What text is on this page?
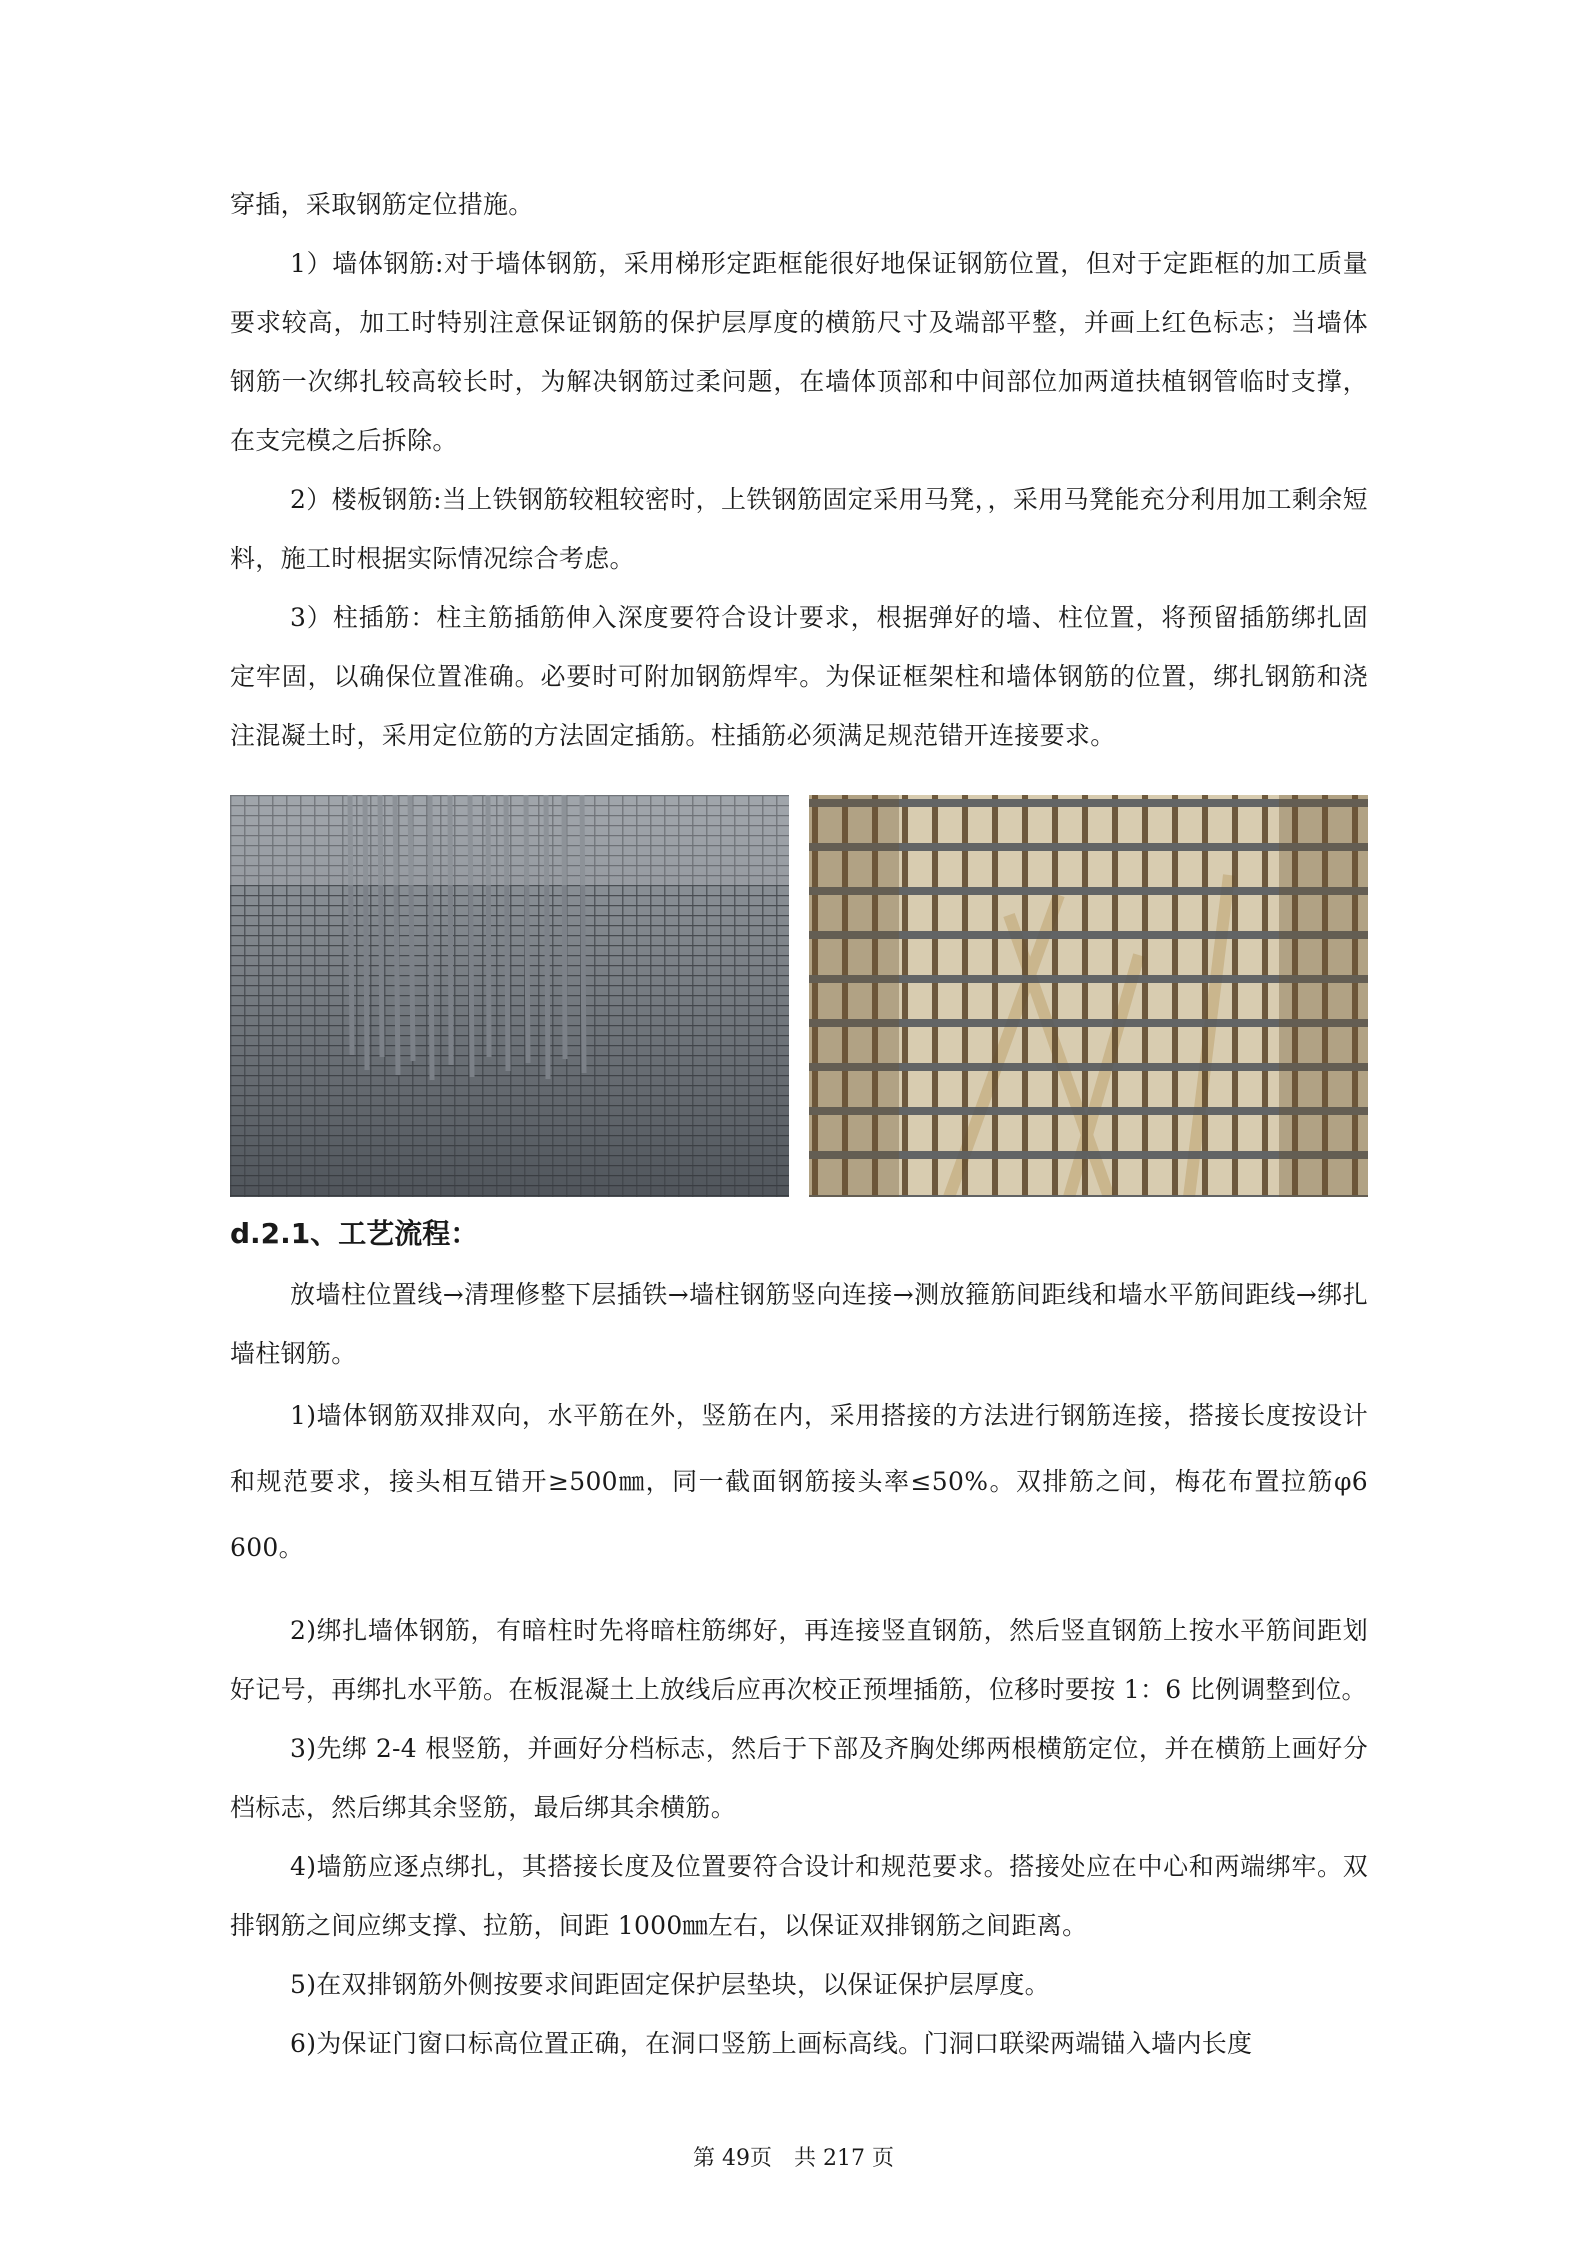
穿插，采取钢筋定位措施。

1）墙体钢筋:对于墙体钢筋，采用梯形定距框能很好地保证钢筋位置，但对于定距框的加工质量要求较高，加工时特别注意保证钢筋的保护层厚度的横筋尺寸及端部平整，并画上红色标志；当墙体钢筋一次绑扎较高较长时，为解决钢筋过柔问题，在墙体顶部和中间部位加两道扶植钢管临时支撑，在支完模之后拆除。

2）楼板钢筋:当上铁钢筋较粗较密时，上铁钢筋固定采用马凳，，采用马凳能充分利用加工剩余短料，施工时根据实际情况综合考虑。

3）柱插筋：柱主筋插筋伸入深度要符合设计要求，根据弹好的墙、柱位置，将预留插筋绑扎固定牢固，以确保位置准确。必要时可附加钢筋焊牢。为保证框架柱和墙体钢筋的位置，绑扎钢筋和浇注混凝土时，采用定位筋的方法固定插筋。柱插筋必须满足规范错开连接要求。

d.2.1、工艺流程：

放墙柱位置线→清理修整下层插铁→墙柱钢筋竖向连接→测放箍筋间距线和墙水平筋间距线→绑扎墙柱钢筋。

1)墙体钢筋双排双向，水平筋在外，竖筋在内，采用搭接的方法进行钢筋连接，搭接长度按设计和规范要求，接头相互错开≥500㎜，同一截面钢筋接头率≤50%。双排筋之间，梅花布置拉筋φ6　600。

2)绑扎墙体钢筋，有暗柱时先将暗柱筋绑好，再连接竖直钢筋，然后竖直钢筋上按水平筋间距划好记号，再绑扎水平筋。在板混凝土上放线后应再次校正预埋插筋，位移时要按 1：6 比例调整到位。

3)先绑 2-4 根竖筋，并画好分档标志，然后于下部及齐胸处绑两根横筋定位，并在横筋上画好分档标志，然后绑其余竖筋，最后绑其余横筋。

4)墙筋应逐点绑扎，其搭接长度及位置要符合设计和规范要求。搭接处应在中心和两端绑牢。双排钢筋之间应绑支撑、拉筋，间距 1000㎜左右，以保证双排钢筋之间距离。

5)在双排钢筋外侧按要求间距固定保护层垫块，以保证保护层厚度。

6)为保证门窗口标高位置正确，在洞口竖筋上画标高线。门洞口联梁两端锚入墙内长度

第 49页　共 217 页
